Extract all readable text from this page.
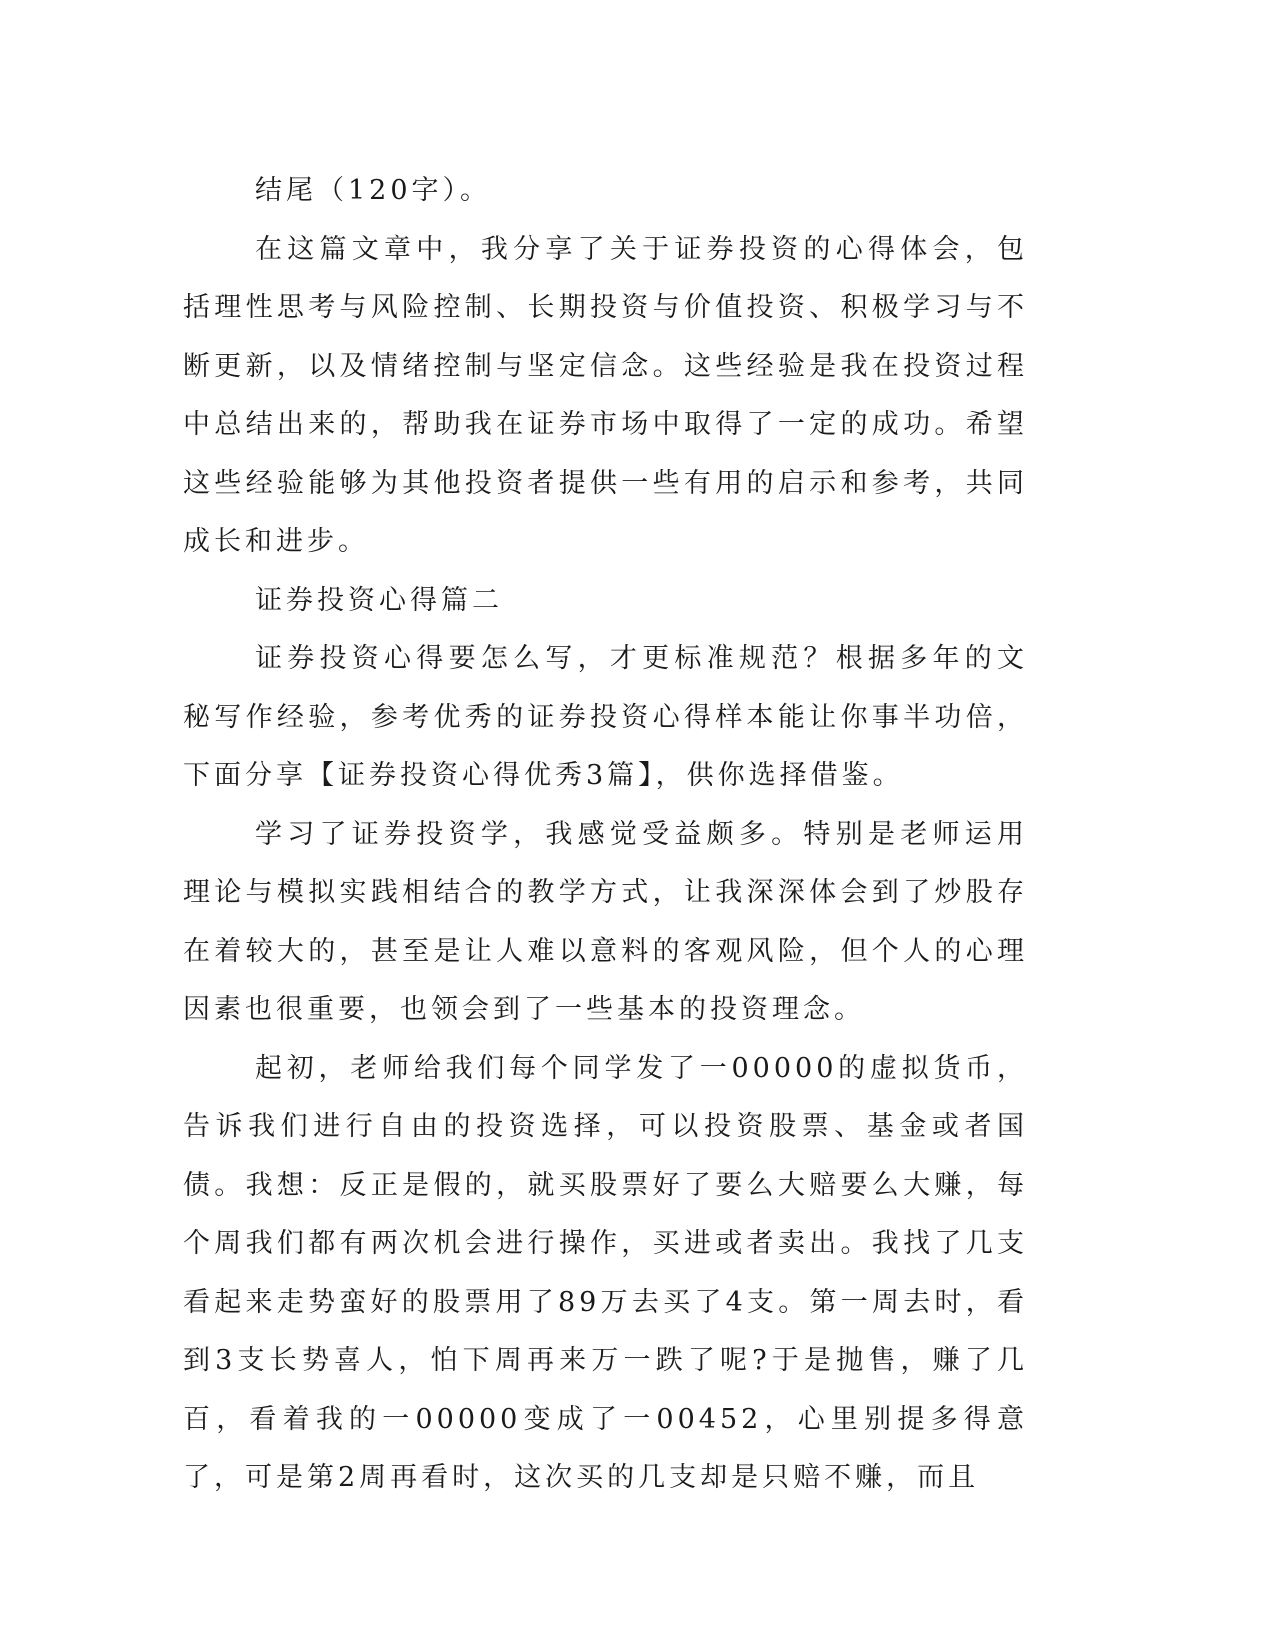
结尾（120字）。

在这篇文章中，我分享了关于证券投资的心得体会，包括理性思考与风险控制、长期投资与价值投资、积极学习与不断更新，以及情绪控制与坚定信念。这些经验是我在投资过程中总结出来的，帮助我在证券市场中取得了一定的成功。希望这些经验能够为其他投资者提供一些有用的启示和参考，共同成长和进步。

证券投资心得篇二

证券投资心得要怎么写，才更标准规范？根据多年的文秘写作经验，参考优秀的证券投资心得样本能让你事半功倍，下面分享【证券投资心得优秀3篇】，供你选择借鉴。

学习了证券投资学，我感觉受益颇多。特别是老师运用理论与模拟实践相结合的教学方式，让我深深体会到了炒股存在着较大的，甚至是让人难以意料的客观风险，但个人的心理因素也很重要，也领会到了一些基本的投资理念。

起初，老师给我们每个同学发了一00000的虚拟货币，告诉我们进行自由的投资选择，可以投资股票、基金或者国债。我想：反正是假的，就买股票好了要么大赔要么大赚，每个周我们都有两次机会进行操作，买进或者卖出。我找了几支看起来走势蛮好的股票用了89万去买了4支。第一周去时，看到3支长势喜人，怕下周再来万一跌了呢?于是抛售，赚了几百，看着我的一00000变成了一00452，心里别提多得意了，可是第2周再看时，这次买的几支却是只赔不赚，而且
